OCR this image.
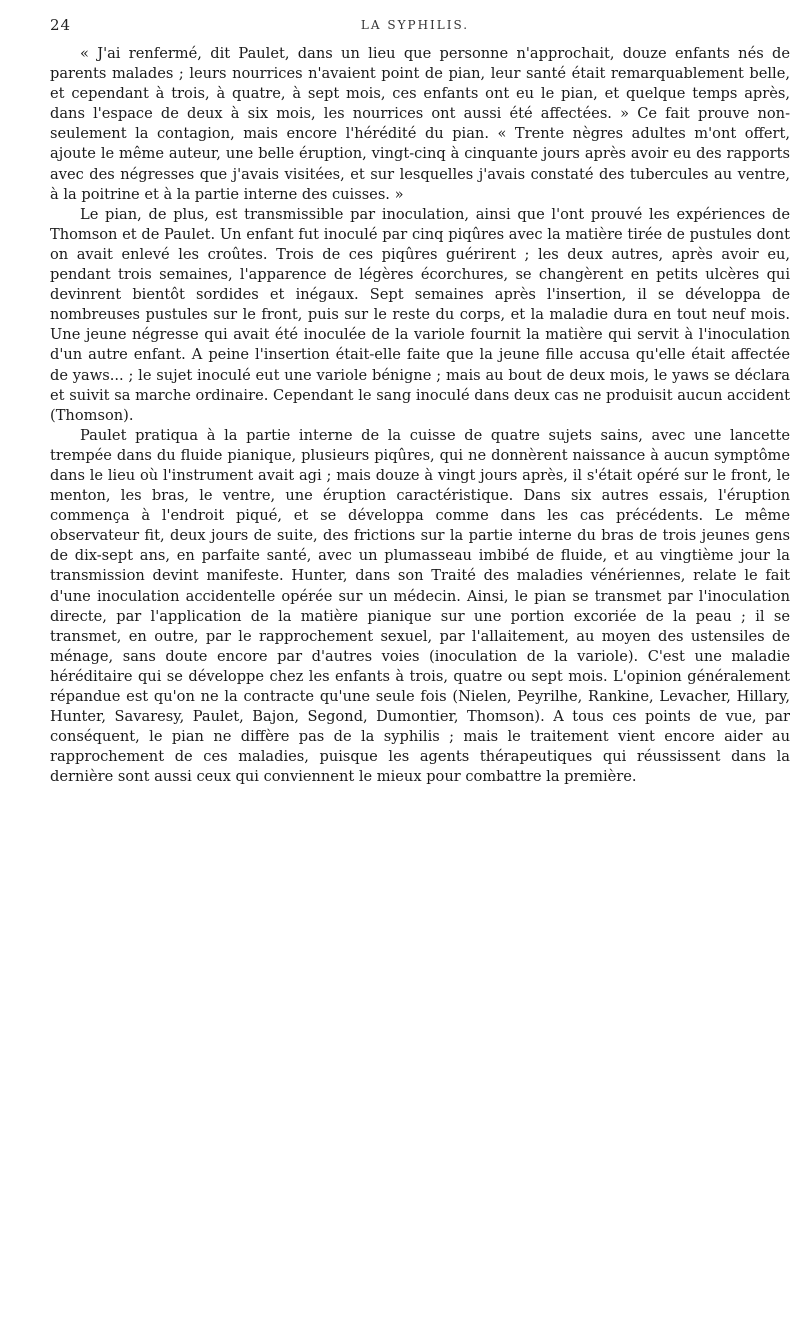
24	LA SYPHILIS.

« J'ai renfermé, dit Paulet, dans un lieu que personne n'approchait, douze enfants nés de parents malades ; leurs nourrices n'avaient point de pian, leur santé était remarquablement belle, et cependant à trois, à quatre, à sept mois, ces enfants ont eu le pian, et quelque temps après, dans l'espace de deux à six mois, les nourrices ont aussi été affectées. » Ce fait prouve non-seulement la contagion, mais encore l'hérédité du pian. « Trente nègres adultes m'ont offert, ajoute le même auteur, une belle éruption, vingt-cinq à cinquante jours après avoir eu des rapports avec des négresses que j'avais visitées, et sur lesquelles j'avais constaté des tubercules au ventre, à la poitrine et à la partie interne des cuisses. »

Le pian, de plus, est transmissible par inoculation, ainsi que l'ont prouvé les expériences de Thomson et de Paulet. Un enfant fut inoculé par cinq piqûres avec la matière tirée de pustules dont on avait enlevé les croûtes. Trois de ces piqûres guérirent ; les deux autres, après avoir eu, pendant trois semaines, l'apparence de légères écorchures, se changèrent en petits ulcères qui devinrent bientôt sordides et inégaux. Sept semaines après l'insertion, il se développa de nombreuses pustules sur le front, puis sur le reste du corps, et la maladie dura en tout neuf mois. Une jeune négresse qui avait été inoculée de la variole fournit la matière qui servit à l'inoculation d'un autre enfant. A peine l'insertion était-elle faite que la jeune fille accusa qu'elle était affectée de yaws... ; le sujet inoculé eut une variole bénigne ; mais au bout de deux mois, le yaws se déclara et suivit sa marche ordinaire. Cependant le sang inoculé dans deux cas ne produisit aucun accident (Thomson).

Paulet pratiqua à la partie interne de la cuisse de quatre sujets sains, avec une lancette trempée dans du fluide pianique, plusieurs piqûres, qui ne donnèrent naissance à aucun symptôme dans le lieu où l'instrument avait agi ; mais douze à vingt jours après, il s'était opéré sur le front, le menton, les bras, le ventre, une éruption caractéristique. Dans six autres essais, l'éruption commença à l'endroit piqué, et se développa comme dans les cas précédents. Le même observateur fit, deux jours de suite, des frictions sur la partie interne du bras de trois jeunes gens de dix-sept ans, en parfaite santé, avec un plumasseau imbibé de fluide, et au vingtième jour la transmission devint manifeste. Hunter, dans son Traité des maladies vénériennes, relate le fait d'une inoculation accidentelle opérée sur un médecin. Ainsi, le pian se transmet par l'inoculation directe, par l'application de la matière pianique sur une portion excoriée de la peau ; il se transmet, en outre, par le rapprochement sexuel, par l'allaitement, au moyen des ustensiles de ménage, sans doute encore par d'autres voies (inoculation de la variole). C'est une maladie héréditaire qui se développe chez les enfants à trois, quatre ou sept mois. L'opinion généralement répandue est qu'on ne la contracte qu'une seule fois (Nielen, Peyrilhe, Rankine, Levacher, Hillary, Hunter, Savaresy, Paulet, Bajon, Segond, Dumontier, Thomson). A tous ces points de vue, par conséquent, le pian ne diffère pas de la syphilis ; mais le traitement vient encore aider au rapprochement de ces maladies, puisque les agents thérapeutiques qui réussissent dans la dernière sont aussi ceux qui conviennent le mieux pour combattre la première.
